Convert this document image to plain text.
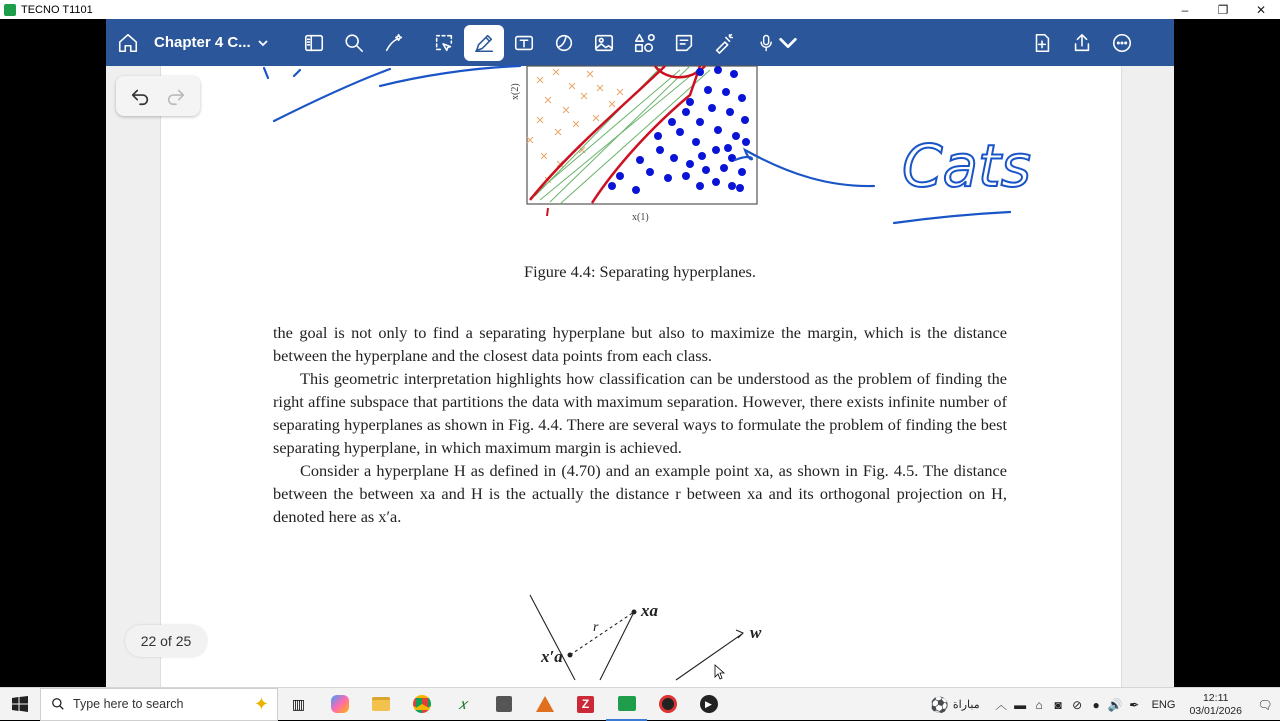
TECNO T1101	–	❐	✕
Chapter 4 C...
x(2)
x(1)
Cats
xa
x′a
r	w
Figure 4.4: Separating hyperplanes.

the goal is not only to find a separating hyperplane but also to maximize the margin, which is the distance between the hyperplane and the closest data points from each class.

This geometric interpretation highlights how classification can be understood as the problem of finding the right affine subspace that partitions the data with maximum separation. However, there exists infinite number of separating hyperplanes as shown in Fig. 4.4. There are several ways to formulate the problem of finding the best separating hyperplane, in which maximum margin is achieved.

Consider a hyperplane H as defined in (4.70) and an example point xa, as shown in Fig. 4.5. The distance between the between xa and H is the actually the distance r between xa and its orthogonal projection on H, denoted here as x′a.

22 of 25
Type here to search	✦ ▥	𝑥	Z	▶	⚽ مباراة ︿ ▬ ⌂ ◙ ⊘ ● 🔊 ✒	ENG
12:11
03/01/2026	🗨
